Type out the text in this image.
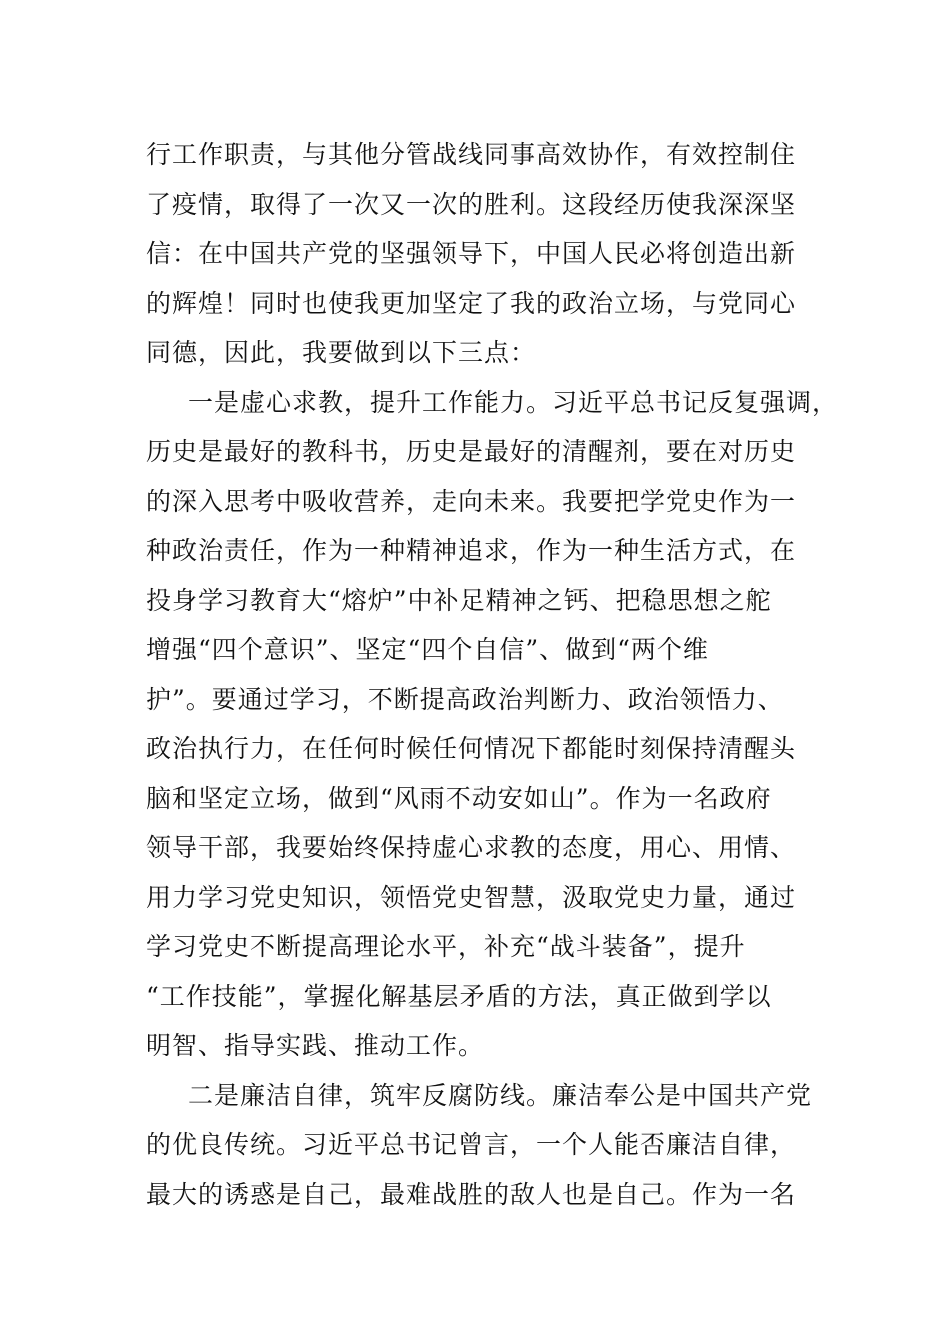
行工作职责，与其他分管战线同事高效协作，有效控制住
了疫情，取得了一次又一次的胜利。这段经历使我深深坚
信：在中国共产党的坚强领导下，中国人民必将创造出新
的辉煌！同时也使我更加坚定了我的政治立场，与党同心
同德，因此，我要做到以下三点：
一是虚心求教，提升工作能力。习近平总书记反复强调，
历史是最好的教科书，历史是最好的清醒剂，要在对历史
的深入思考中吸收营养，走向未来。我要把学党史作为一
种政治责任，作为一种精神追求，作为一种生活方式，在
投身学习教育大“熔炉”中补足精神之钙、把稳思想之舵
增强“四个意识”、坚定“四个自信”、做到“两个维
护”。要通过学习，不断提高政治判断力、政治领悟力、
政治执行力，在任何时候任何情况下都能时刻保持清醒头
脑和坚定立场，做到“风雨不动安如山”。作为一名政府
领导干部，我要始终保持虚心求教的态度，用心、用情、
用力学习党史知识，领悟党史智慧，汲取党史力量，通过
学习党史不断提高理论水平，补充“战斗装备”，提升
“工作技能”，掌握化解基层矛盾的方法，真正做到学以
明智、指导实践、推动工作。
二是廉洁自律，筑牢反腐防线。廉洁奉公是中国共产党
的优良传统。习近平总书记曾言，一个人能否廉洁自律，
最大的诱惑是自己，最难战胜的敌人也是自己。作为一名
